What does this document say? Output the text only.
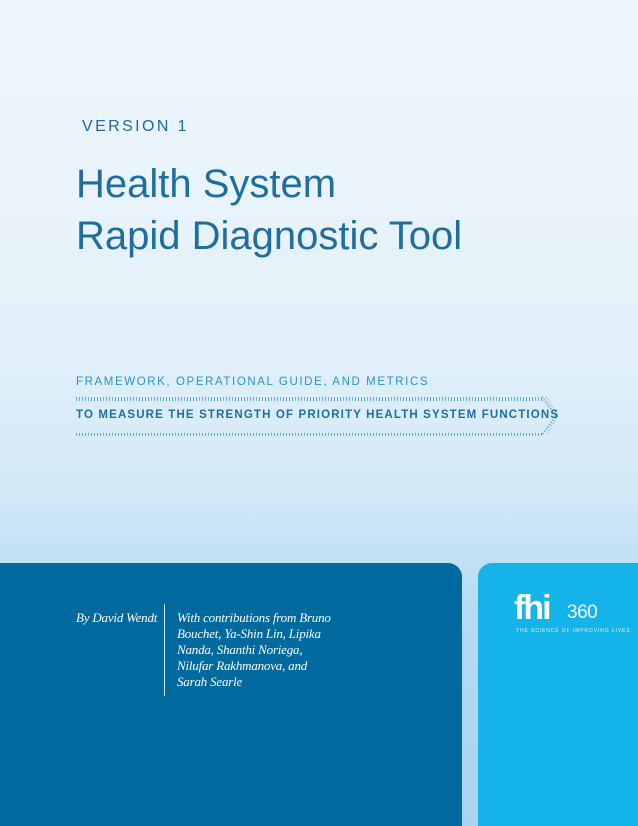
VERSION 1
Health System
Rapid Diagnostic Tool
FRAMEWORK, OPERATIONAL GUIDE, AND METRICS
TO MEASURE THE STRENGTH OF PRIORITY HEALTH SYSTEM FUNCTIONS
By David Wendt With contributions from Bruno Bouchet, Ya-Shin Lin, Lipika Nanda, Shanthi Noriega, Nilufar Rakhmanova, and Sarah Searle
fhi 360
THE SCIENCE OF IMPROVING LIVES
